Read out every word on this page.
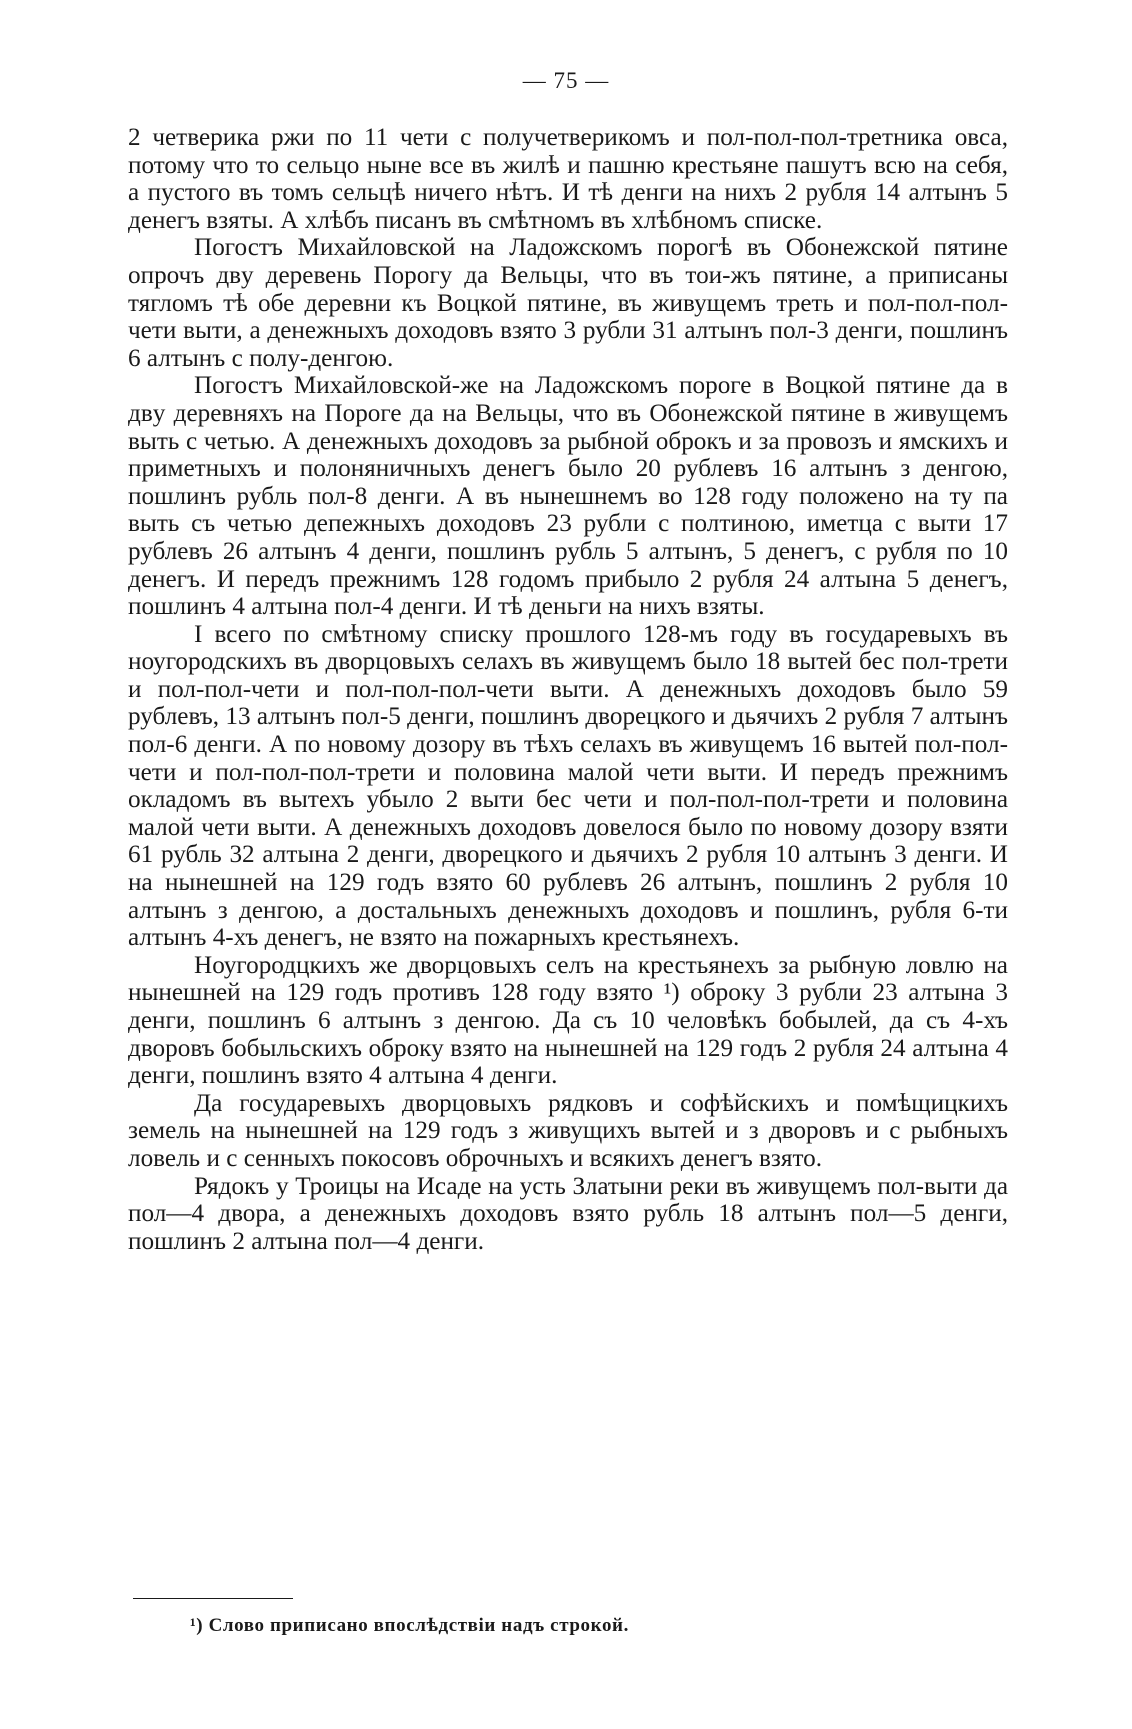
— 75 —

2 четверика ржи по 11 чети с получетверикомъ и пол-пол-пол-третника овса, потому что то сельцо ныне все въ жилѣ и пашню крестьяне пашутъ всю на себя, а пустого въ томъ сельцѣ ничего нѣтъ. И тѣ денги на нихъ 2 рубля 14 алтынъ 5 денегъ взяты. А хлѣбъ писанъ въ смѣтномъ въ хлѣбномъ списке.

Погостъ Михайловской на Ладожскомъ порогѣ въ Обонежской пятине опрочъ двy деревень Порогу да Вельцы, что въ тои-жъ пятине, а приписаны тягломъ тѣ обе деревни къ Воцкой пятине, въ живущемъ треть и пол-пол-пол-чети выти, а денежныхъ доходовъ взято 3 рубли 31 алтынъ пол-3 денги, пошлинъ 6 алтынъ с полу-денгою.

Погостъ Михайловской-же на Ладожскомъ пороге в Воцкой пятине да в двy деревняхъ на Пороге да на Вельцы, что въ Обонежской пятине в живущемъ выть с четью. А денежныхъ доходовъ за рыбной оброкъ и за провозъ и ямскихъ и приметныхъ и полоняничныхъ денегъ было 20 рублевъ 16 алтынъ з денгою, пошлинъ рубль пол-8 денги. А въ нынешнемъ во 128 году положено на ту па выть съ четью депежныхъ доходовъ 23 рубли с полтиною, иметца с выти 17 рублевъ 26 алтынъ 4 денги, пошлинъ рубль 5 алтынъ, 5 денегъ, с рубля по 10 денегъ. И передъ прежнимъ 128 годомъ прибыло 2 рубля 24 алтына 5 денегъ, пошлинъ 4 алтына пол-4 денги. И тѣ деньги на нихъ взяты.

I всего по смѣтному списку прошлого 128-мъ году въ государевыхъ въ ноугородскихъ въ дворцовыхъ селахъ въ живущемъ было 18 вытей бес пол-трети и пол-пол-чети и пол-пол-пол-чети выти. А денежныхъ доходовъ было 59 рублевъ, 13 алтынъ пол-5 денги, пошлинъ дворецкого и дьячихъ 2 рубля 7 алтынъ пол-6 денги. А по новому дозору въ тѣхъ селахъ въ живущемъ 16 вытей пол-пол-чети и пол-пол-пол-трети и половина малой чети выти. И передъ прежнимъ окладомъ въ вытехъ убыло 2 выти бес чети и пол-пол-пол-трети и половина малой чети выти. А денежныхъ доходовъ довелося было по новому дозору взяти 61 рубль 32 алтына 2 денги, дворецкого и дьячихъ 2 рубля 10 алтынъ 3 денги. И на нынешней на 129 годъ взято 60 рублевъ 26 алтынъ, пошлинъ 2 рубля 10 алтынъ з денгою, а достальныхъ денежныхъ доходовъ и пошлинъ, рубля 6-ти алтынъ 4-хъ денегъ, не взято на пожарныхъ крестьянехъ.

Ноугородцкихъ же дворцовыхъ селъ на крестьянехъ за рыбную ловлю на нынешней на 129 годъ противъ 128 году взято ¹) оброку 3 рубли 23 алтына 3 денги, пошлинъ 6 алтынъ з денгою. Да съ 10 человѣкъ бобылей, да съ 4-хъ дворовъ бобыльскихъ оброку взято на нынешней на 129 годъ 2 рубля 24 алтына 4 денги, пошлинъ взято 4 алтына 4 денги.

Да государевыхъ дворцовыхъ рядковъ и софѣйскихъ и помѣщицкихъ земель на нынешней на 129 годъ з живущихъ вытей и з дворовъ и с рыбныхъ ловель и с сенныхъ покосовъ оброчныхъ и всякихъ денегъ взято.

Рядокъ у Троицы на Исаде на усть Златыни реки въ живущемъ пол-выти да пол—4 двора, а денежныхъ доходовъ взято рубль 18 алтынъ пол—5 денги, пошлинъ 2 алтына пол—4 денги.

¹) Слово приписано впослѣдствіи надъ строкой.
